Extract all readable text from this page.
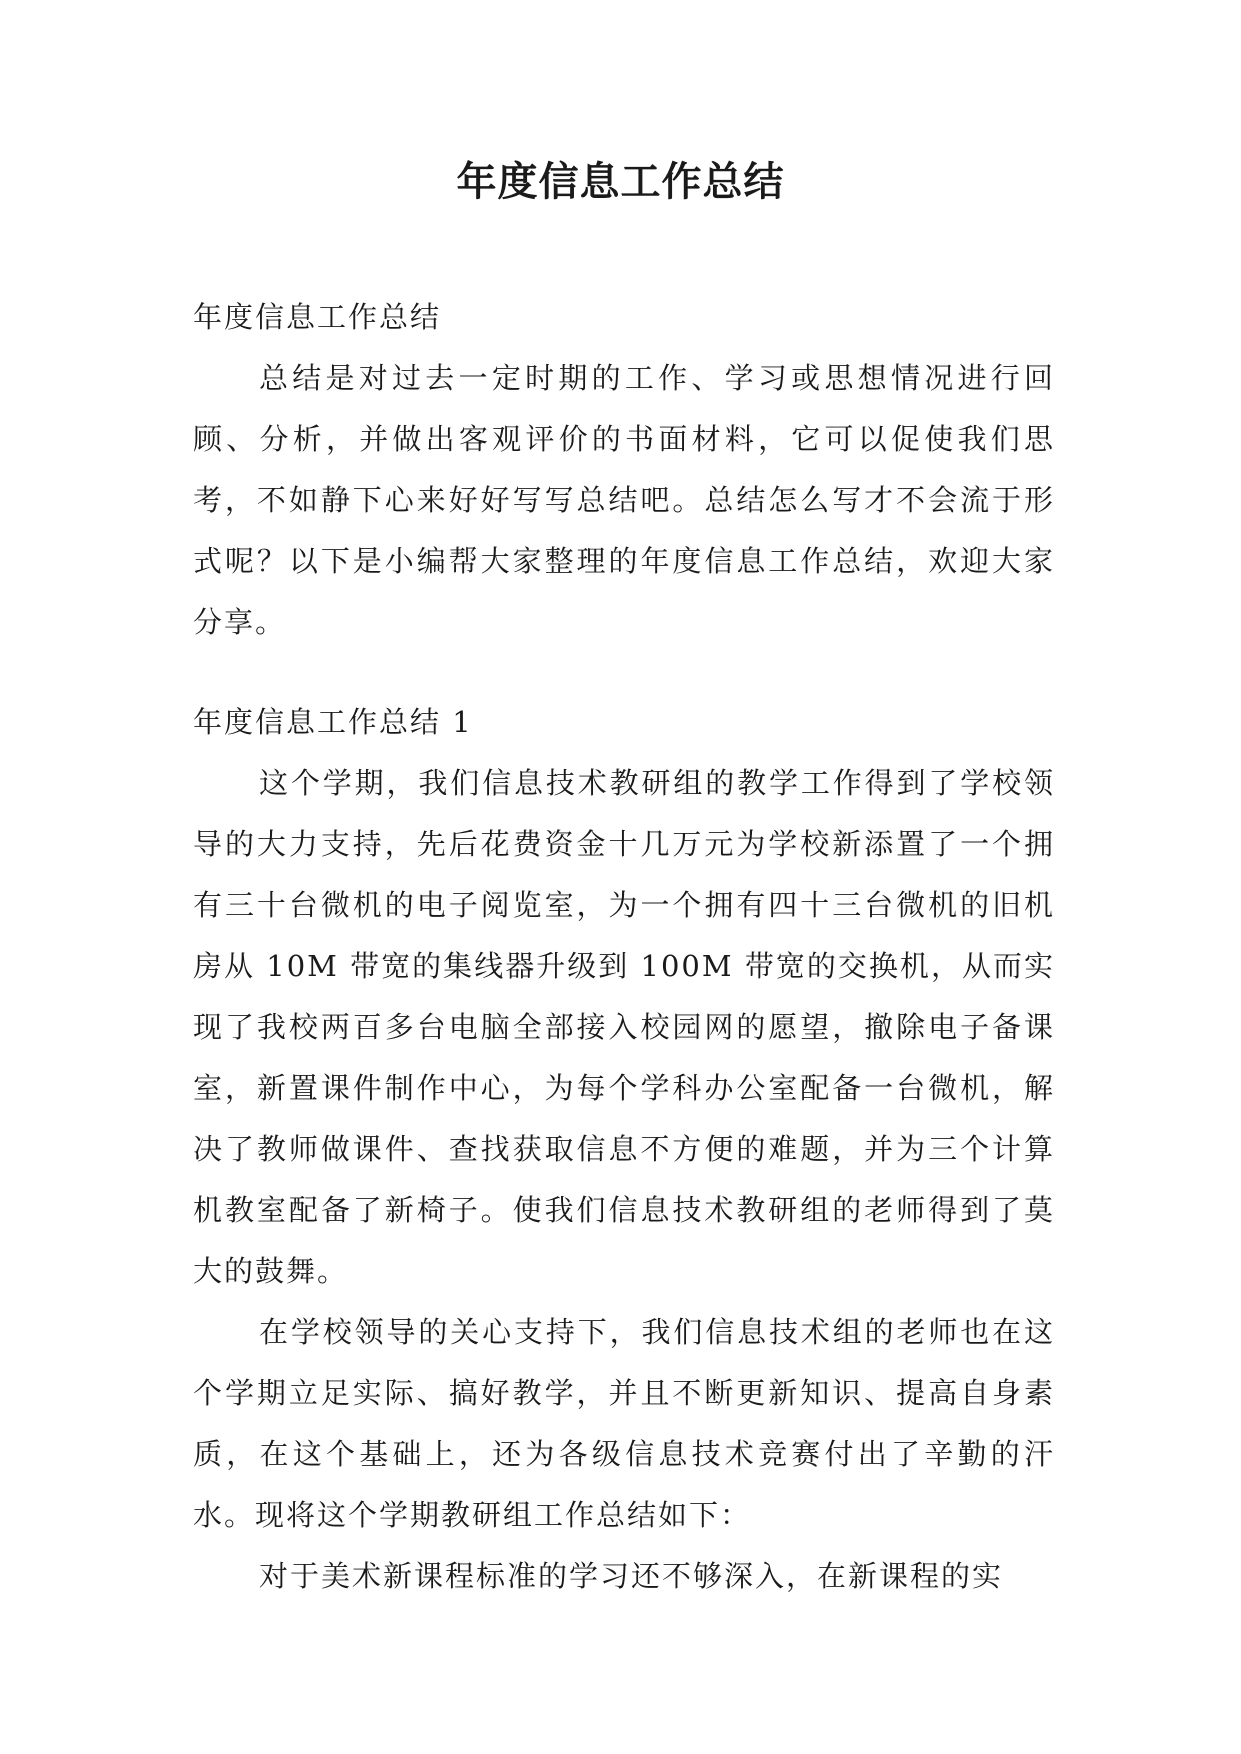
年度信息工作总结

年度信息工作总结

总结是对过去一定时期的工作、学习或思想情况进行回顾、分析，并做出客观评价的书面材料，它可以促使我们思考，不如静下心来好好写写总结吧。总结怎么写才不会流于形式呢？以下是小编帮大家整理的年度信息工作总结，欢迎大家分享。

年度信息工作总结 1

这个学期，我们信息技术教研组的教学工作得到了学校领导的大力支持，先后花费资金十几万元为学校新添置了一个拥有三十台微机的电子阅览室，为一个拥有四十三台微机的旧机房从 10M 带宽的集线器升级到 100M 带宽的交换机，从而实现了我校两百多台电脑全部接入校园网的愿望，撤除电子备课室，新置课件制作中心，为每个学科办公室配备一台微机，解决了教师做课件、查找获取信息不方便的难题，并为三个计算机教室配备了新椅子。使我们信息技术教研组的老师得到了莫大的鼓舞。

在学校领导的关心支持下，我们信息技术组的老师也在这个学期立足实际、搞好教学，并且不断更新知识、提高自身素质，在这个基础上，还为各级信息技术竞赛付出了辛勤的汗水。现将这个学期教研组工作总结如下：

对于美术新课程标准的学习还不够深入，在新课程的实
